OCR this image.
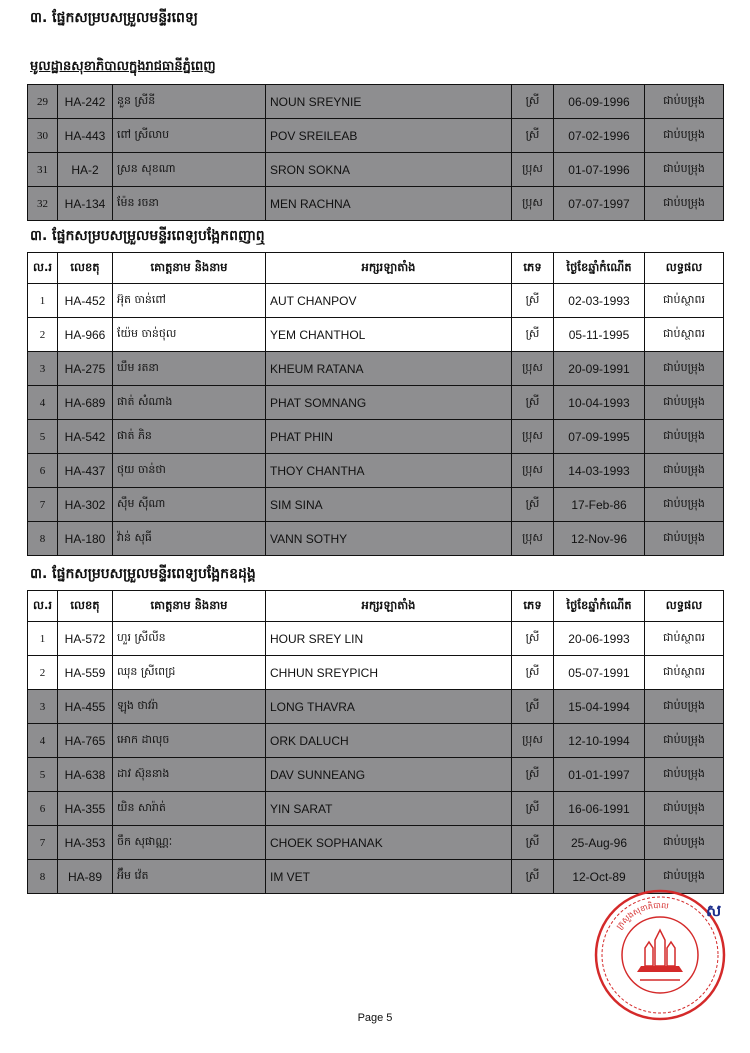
៣. ផ្នែកសម្របសម្រួលមន្ទីរពេទ្យ
មូលដ្ឋានសុខាភិបាលក្នុងរាជធានីភ្នំពេញ
29	HA-242	នួន ស្រីនី	NOUN SREYNIE	ស្រី	06-09-1996	ជាប់បម្រុង
30	HA-443	ពៅ ស្រីលាប	POV SREILEAB	ស្រី	07-02-1996	ជាប់បម្រុង
31	HA-2	ស្រន សុខណា	SRON SOKNA	ប្រុស	01-07-1996	ជាប់បម្រុង
32	HA-134	ម៉ែន រចនា	MEN RACHNA	ប្រុស	07-07-1997	ជាប់បម្រុង
៣. ផ្នែកសម្របសម្រួលមន្ទីរពេទ្យបង្អែកពញាឮ
ល.រ	លេខតុ	គោត្តនាម និងនាម	អក្សរឡាតាំង	ភេទ	ថ្ងៃខែឆ្នាំកំណើត	លទ្ធផល
1	HA-452	អ៊ុត ចាន់ពៅ	AUT CHANPOV	ស្រី	02-03-1993	ជាប់ស្ថាពរ
2	HA-966	យ៉ែម ចាន់ថុល	YEM CHANTHOL	ស្រី	05-11-1995	ជាប់ស្ថាពរ
3	HA-275	ឃឹម រតនា	KHEUM RATANA	ប្រុស	20-09-1991	ជាប់បម្រុង
4	HA-689	ផាត់ សំណាង	PHAT SOMNANG	ស្រី	10-04-1993	ជាប់បម្រុង
5	HA-542	ផាត់ ភិន	PHAT PHIN	ប្រុស	07-09-1995	ជាប់បម្រុង
6	HA-437	ថុយ ចាន់ថា	THOY CHANTHA	ប្រុស	14-03-1993	ជាប់បម្រុង
7	HA-302	ស៊ឹម ស៊ីណា	SIM SINA	ស្រី	17-Feb-86	ជាប់បម្រុង
8	HA-180	វ៉ាន់ សុធី	VANN SOTHY	ប្រុស	12-Nov-96	ជាប់បម្រុង
៣. ផ្នែកសម្របសម្រួលមន្ទីរពេទ្យបង្អែកឧដុង្គ
ល.រ	លេខតុ	គោត្តនាម និងនាម	អក្សរឡាតាំង	ភេទ	ថ្ងៃខែឆ្នាំកំណើត	លទ្ធផល
1	HA-572	ហួរ ស្រីលីន	HOUR SREY LIN	ស្រី	20-06-1993	ជាប់ស្ថាពរ
2	HA-559	ឈុន ស្រីពេជ្រ	CHHUN SREYPICH	ស្រី	05-07-1991	ជាប់ស្ថាពរ
3	HA-455	ឡុង ថាវរ៉ា	LONG THAVRA	ស្រី	15-04-1994	ជាប់បម្រុង
4	HA-765	អោក ដាលុច	ORK DALUCH	ប្រុស	12-10-1994	ជាប់បម្រុង
5	HA-638	ដាវ ស៊ុននាង	DAV SUNNEANG	ស្រី	01-01-1997	ជាប់បម្រុង
6	HA-355	យិន សារ៉ាត់	YIN SARAT	ស្រី	16-06-1991	ជាប់បម្រុង
7	HA-353	ចឹក សុផាណ្ណៈ	CHOEK SOPHANAK	ស្រី	25-Aug-96	ជាប់បម្រុង
8	HA-89	អ៊ឹម វ៉េត	IM VET	ស្រី	12-Oct-89	ជាប់បម្រុង
ក្រសួងសុខាភិបាល ស
Page 5
